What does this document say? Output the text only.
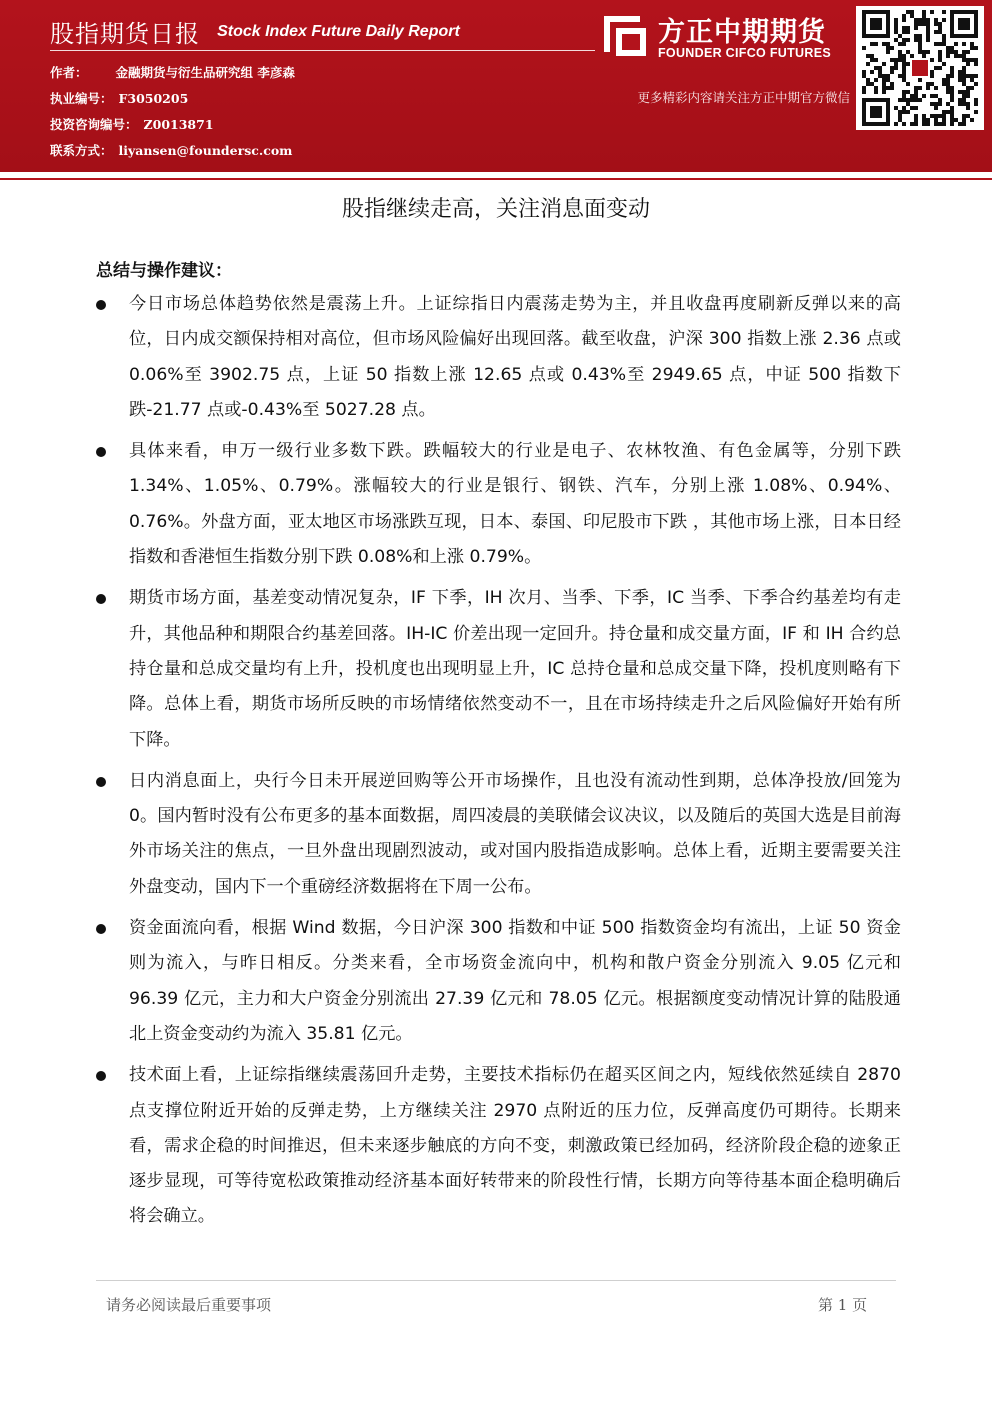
股指期货日报 Stock Index Future Daily Report
作者： 金融期货与衍生品研究组 李彦森
执业编号： F3050205
投资咨询编号： Z0013871
联系方式： liyansen@foundersc.com
方正中期期货
FOUNDER CIFCO FUTURES
更多精彩内容请关注方正中期官方微信
股指继续走高，关注消息面变动
总结与操作建议：
今日市场总体趋势依然是震荡上升。上证综指日内震荡走势为主，并且收盘再度刷新反弹以来的高位，日内成交额保持相对高位，但市场风险偏好出现回落。截至收盘，沪深 300 指数上涨 2.36 点或 0.06%至 3902.75 点，上证 50 指数上涨 12.65 点或 0.43%至 2949.65 点，中证 500 指数下跌-21.77 点或-0.43%至 5027.28 点。
具体来看，申万一级行业多数下跌。跌幅较大的行业是电子、农林牧渔、有色金属等，分别下跌 1.34%、1.05%、0.79%。涨幅较大的行业是银行、钢铁、汽车，分别上涨 1.08%、0.94%、0.76%。外盘方面，亚太地区市场涨跌互现，日本、泰国、印尼股市下跌 ，其他市场上涨，日本日经指数和香港恒生指数分别下跌 0.08%和上涨 0.79%。
期货市场方面，基差变动情况复杂，IF 下季，IH 次月、当季、下季，IC 当季、下季合约基差均有走升，其他品种和期限合约基差回落。IH-IC 价差出现一定回升。持仓量和成交量方面，IF 和 IH 合约总持仓量和总成交量均有上升，投机度也出现明显上升，IC 总持仓量和总成交量下降，投机度则略有下降。总体上看，期货市场所反映的市场情绪依然变动不一，且在市场持续走升之后风险偏好开始有所下降。
日内消息面上，央行今日未开展逆回购等公开市场操作，且也没有流动性到期，总体净投放/回笼为 0。国内暂时没有公布更多的基本面数据，周四凌晨的美联储会议决议，以及随后的英国大选是目前海外市场关注的焦点，一旦外盘出现剧烈波动，或对国内股指造成影响。总体上看，近期主要需要关注外盘变动，国内下一个重磅经济数据将在下周一公布。
资金面流向看，根据 Wind 数据，今日沪深 300 指数和中证 500 指数资金均有流出，上证 50 资金则为流入，与昨日相反。分类来看，全市场资金流向中，机构和散户资金分别流入 9.05 亿元和 96.39 亿元，主力和大户资金分别流出 27.39 亿元和 78.05 亿元。根据额度变动情况计算的陆股通北上资金变动约为流入 35.81 亿元。
技术面上看，上证综指继续震荡回升走势，主要技术指标仍在超买区间之内，短线依然延续自 2870 点支撑位附近开始的反弹走势，上方继续关注 2970 点附近的压力位，反弹高度仍可期待。长期来看，需求企稳的时间推迟，但未来逐步触底的方向不变，刺激政策已经加码，经济阶段企稳的迹象正逐步显现，可等待宽松政策推动经济基本面好转带来的阶段性行情，长期方向等待基本面企稳明确后将会确立。
请务必阅读最后重要事项	第 1 页
